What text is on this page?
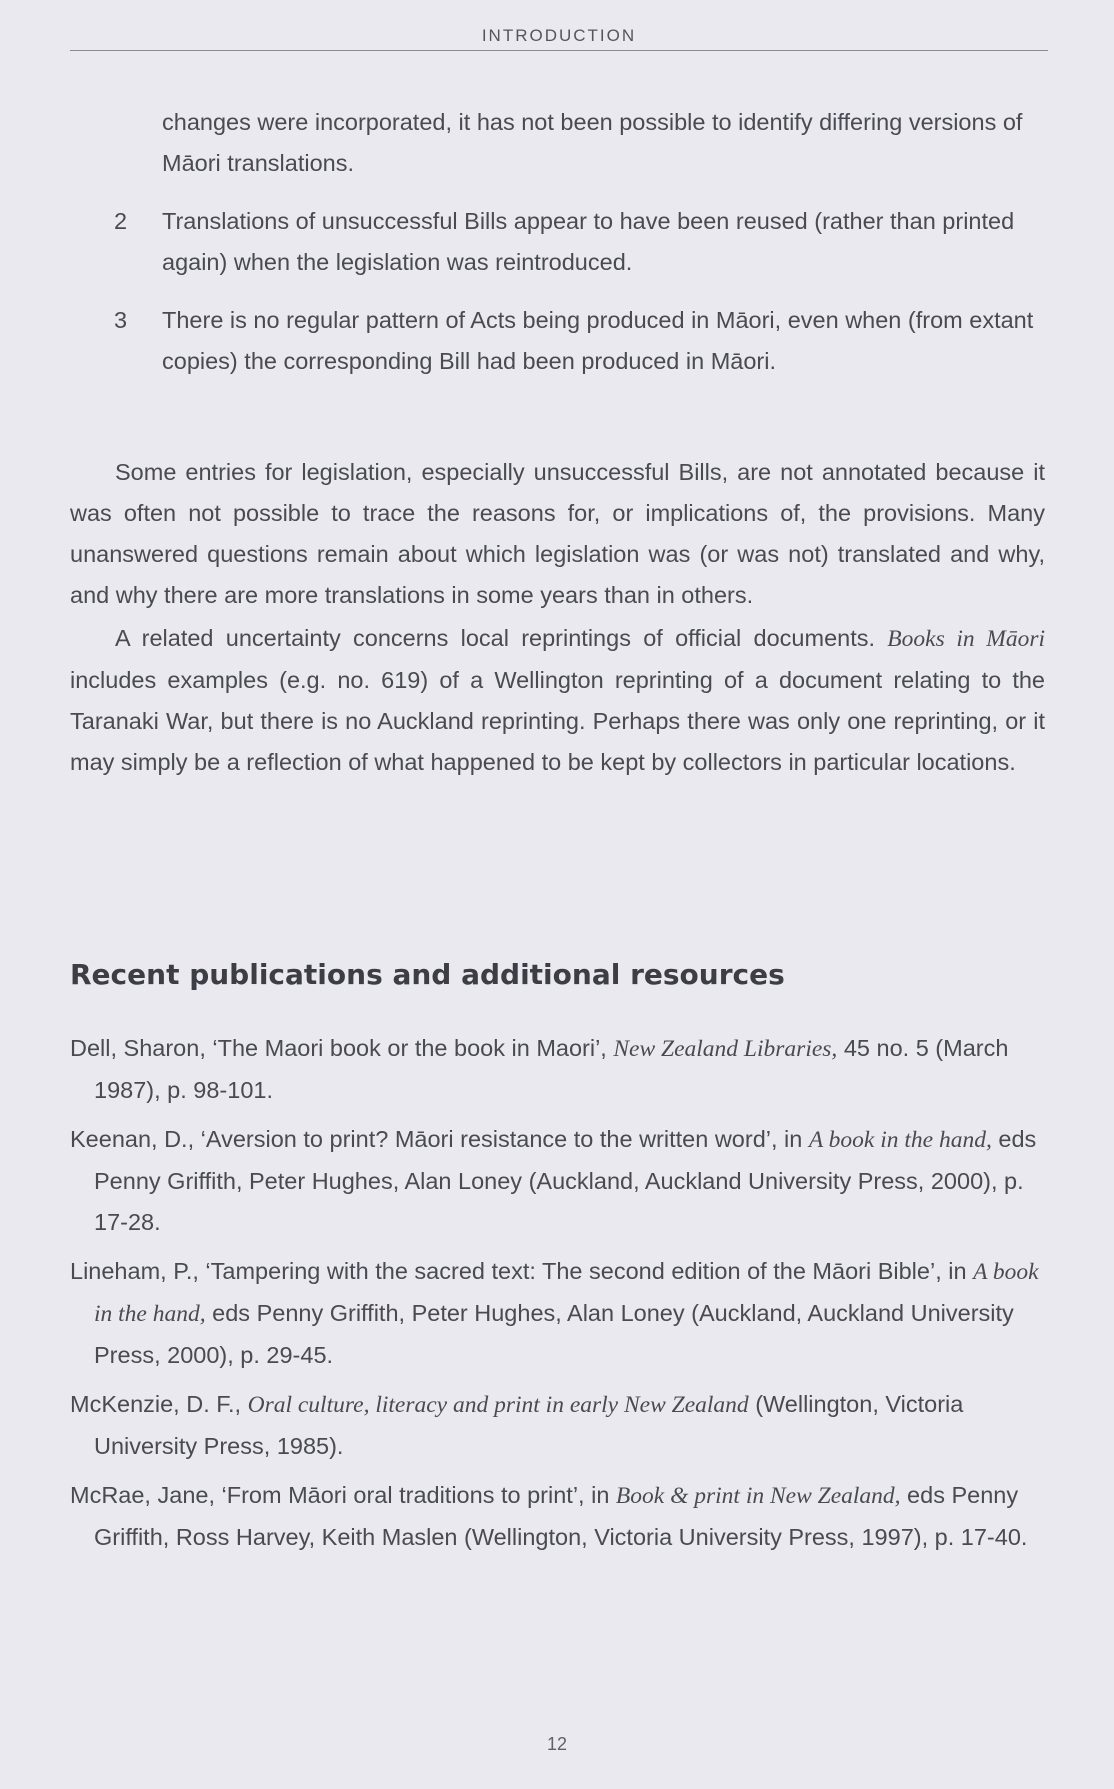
INTRODUCTION
changes were incorporated, it has not been possible to identify differing versions of Māori translations.
2 Translations of unsuccessful Bills appear to have been reused (rather than printed again) when the legislation was reintroduced.
3 There is no regular pattern of Acts being produced in Māori, even when (from extant copies) the corresponding Bill had been produced in Māori.

Some entries for legislation, especially unsuccessful Bills, are not annotated because it was often not possible to trace the reasons for, or implications of, the provisions. Many unanswered questions remain about which legislation was (or was not) translated and why, and why there are more translations in some years than in others.

A related uncertainty concerns local reprintings of official documents. Books in Māori includes examples (e.g. no. 619) of a Wellington reprinting of a document relating to the Taranaki War, but there is no Auckland reprinting. Perhaps there was only one reprinting, or it may simply be a reflection of what happened to be kept by collectors in particular locations.

Recent publications and additional resources
Dell, Sharon, ‘The Maori book or the book in Maori’, New Zealand Libraries, 45 no. 5 (March 1987), p. 98-101.
Keenan, D., ‘Aversion to print? Māori resistance to the written word’, in A book in the hand, eds Penny Griffith, Peter Hughes, Alan Loney (Auckland, Auckland University Press, 2000), p. 17-28.
Lineham, P., ‘Tampering with the sacred text: The second edition of the Māori Bible’, in A book in the hand, eds Penny Griffith, Peter Hughes, Alan Loney (Auckland, Auckland University Press, 2000), p. 29-45.
McKenzie, D. F., Oral culture, literacy and print in early New Zealand (Wellington, Victoria University Press, 1985).
McRae, Jane, ‘From Māori oral traditions to print’, in Book & print in New Zealand, eds Penny Griffith, Ross Harvey, Keith Maslen (Wellington, Victoria University Press, 1997), p. 17-40.
12
